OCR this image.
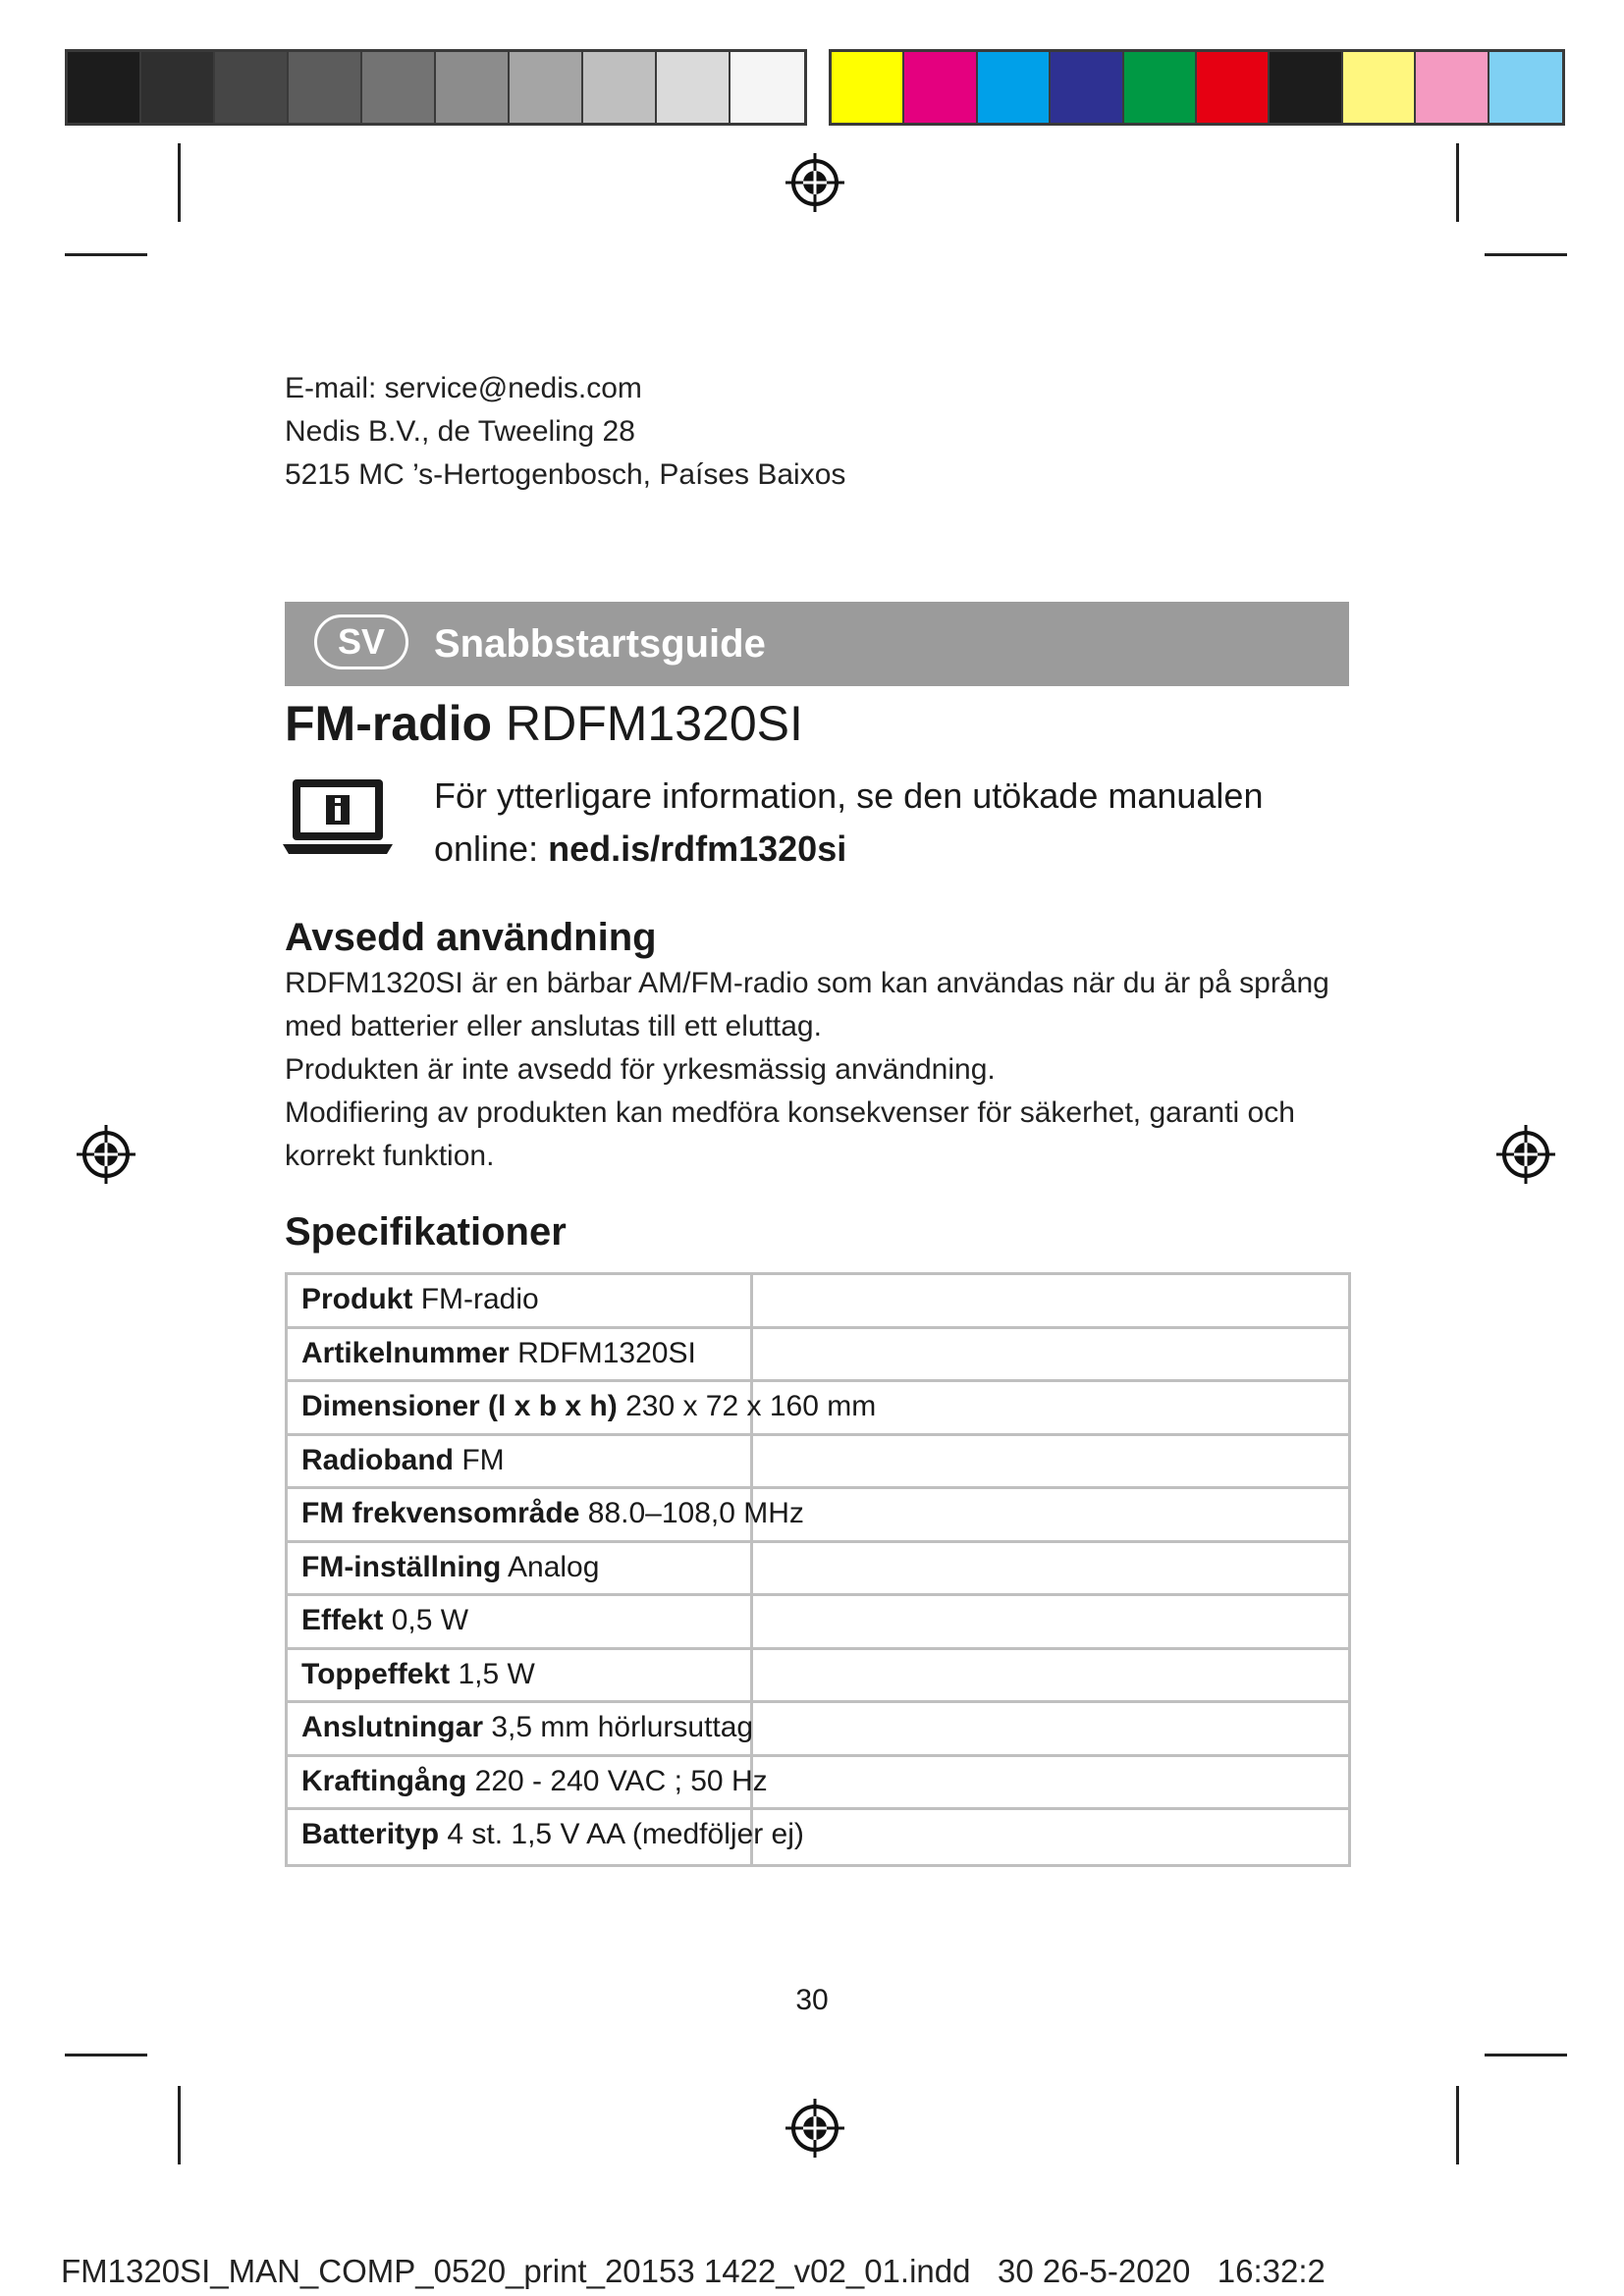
E-mail: service@nedis.com
Nedis B.V., de Tweeling 28
5215 MC ’s-Hertogenbosch, Países Baixos
SV	Snabbstartsguide
FM-radio RDFM1320SI
För ytterligare information, se den utökade manualen
online: ned.is/rdfm1320si
Avsedd användning
RDFM1320SI är en bärbar AM/FM-radio som kan användas när du är på språng med batterier eller anslutas till ett eluttag.
Produkten är inte avsedd för yrkesmässig användning.
Modifiering av produkten kan medföra konsekvenser för säkerhet, garanti och korrekt funktion.
Specifikationer
Produkt FM-radio
Artikelnummer RDFM1320SI
Dimensioner (l x b x h) 230 x 72 x 160 mm
Radioband FM
FM frekvensområde 88.0–108,0 MHz
FM-inställning Analog
Effekt 0,5 W
Toppeffekt 1,5 W
Anslutningar 3,5 mm hörlursuttag
Kraftingång 220 - 240 VAC ; 50 Hz
Batterityp 4 st. 1,5 V AA (medföljer ej)
30
FM1320SI_MAN_COMP_0520_print_20153 1422_v02_01.indd   30 26-5-2020   16:32:2
